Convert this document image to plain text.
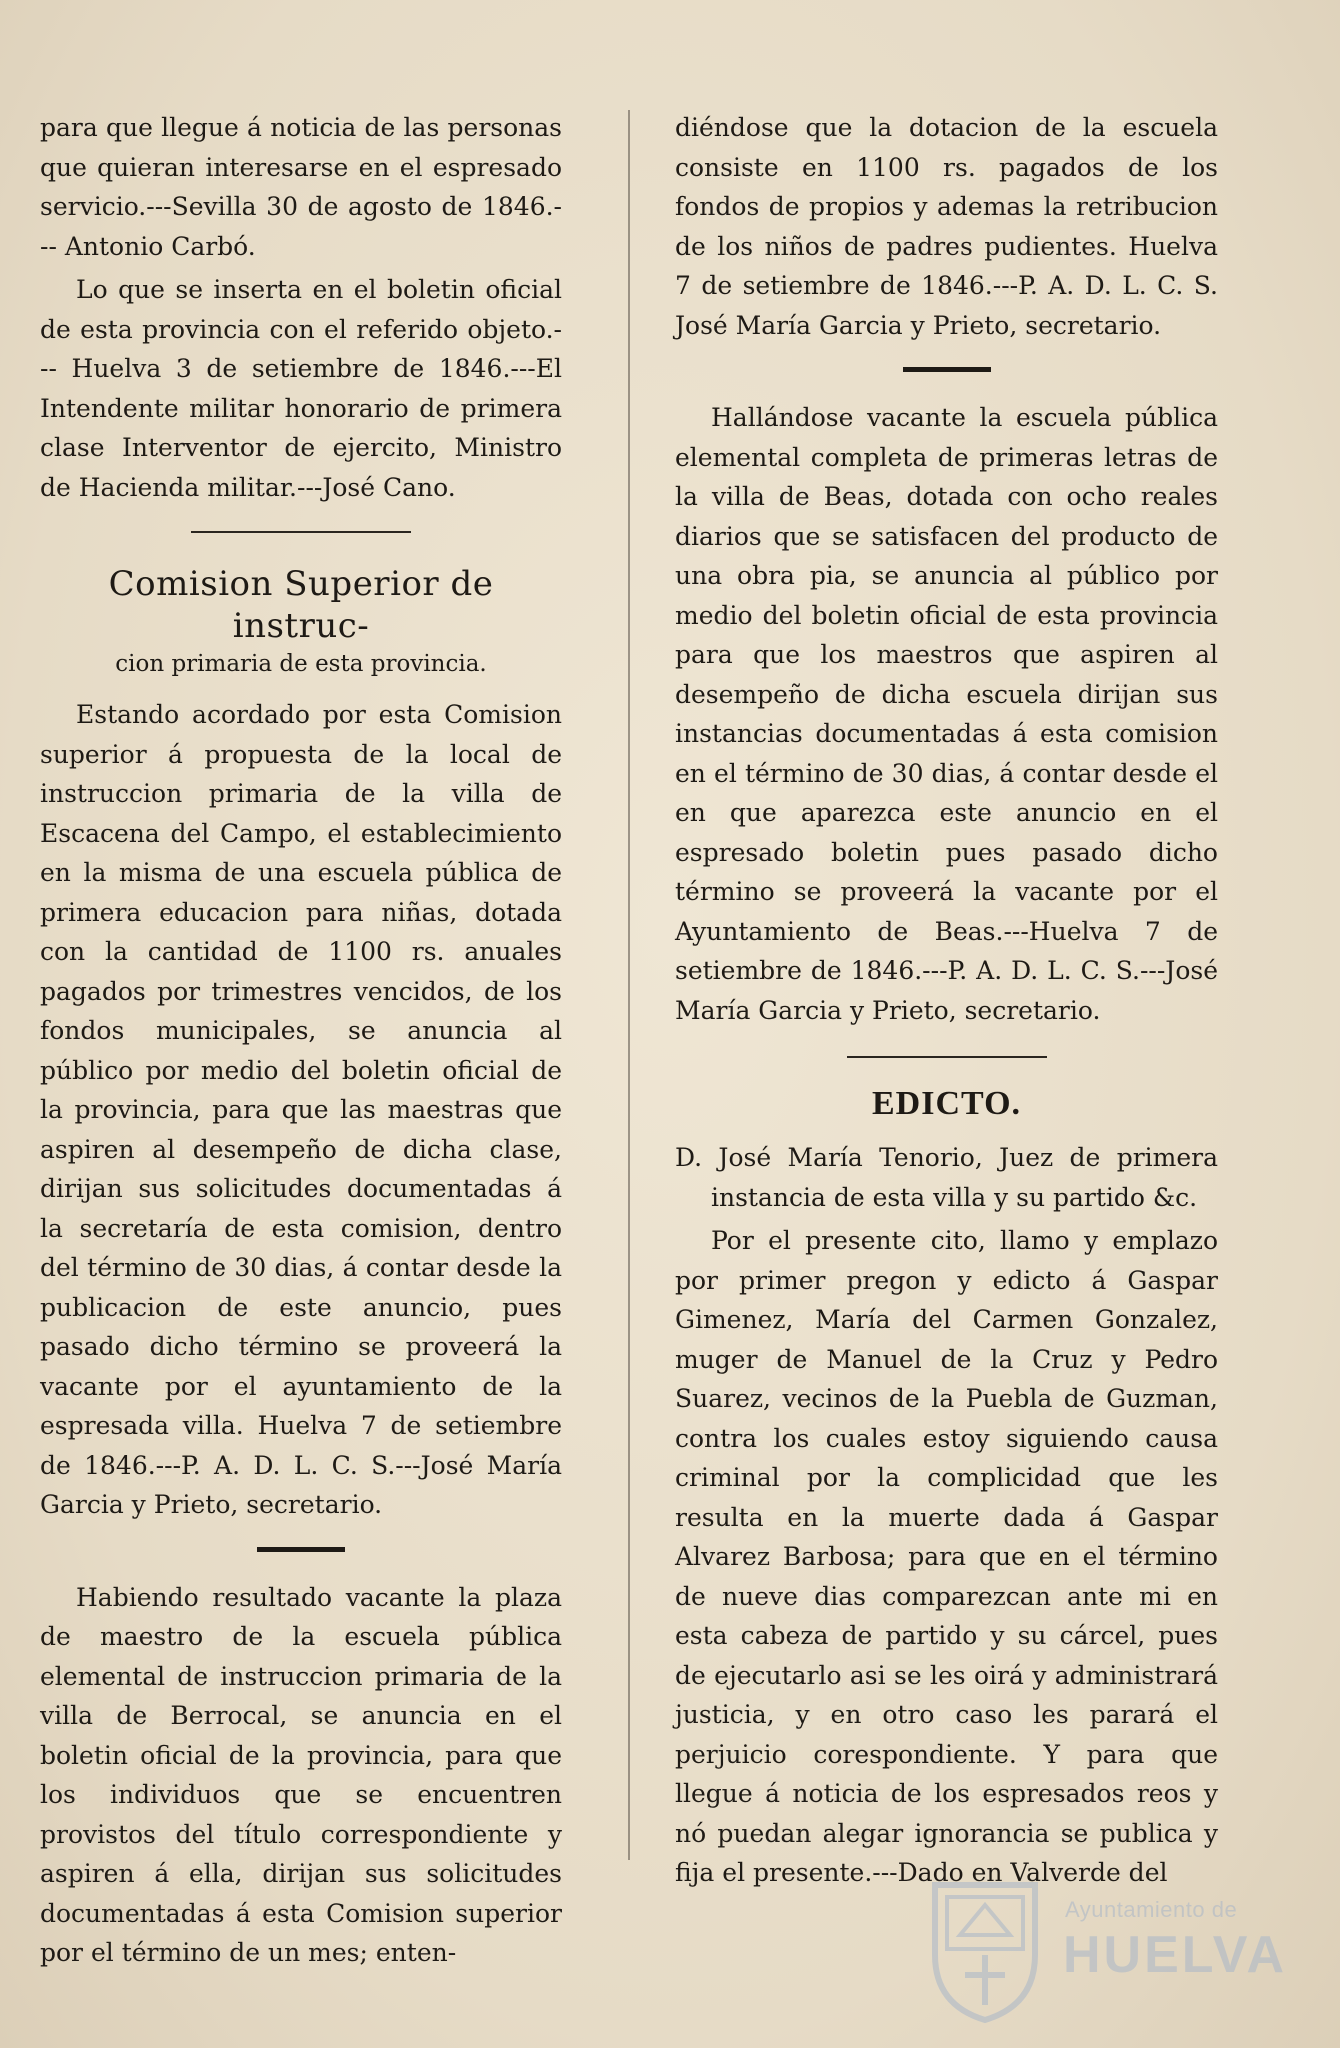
para que llegue á noticia de las personas que quieran interesarse en el espresado servicio.---Sevilla 30 de agosto de 1846.--- Antonio Carbó.

Lo que se inserta en el boletin oficial de esta provincia con el referido objeto.--- Huelva 3 de setiembre de 1846.---El Intendente militar honorario de primera clase Interventor de ejercito, Ministro de Hacienda militar.---José Cano.

Comision Superior de instruc-
cion primaria de esta provincia.

Estando acordado por esta Comision superior á propuesta de la local de instruccion primaria de la villa de Escacena del Campo, el establecimiento en la misma de una escuela pública de primera educacion para niñas, dotada con la cantidad de 1100 rs. anuales pagados por trimestres vencidos, de los fondos municipales, se anuncia al público por medio del boletin oficial de la provincia, para que las maestras que aspiren al desempeño de dicha clase, dirijan sus solicitudes documentadas á la secretaría de esta comision, dentro del término de 30 dias, á contar desde la publicacion de este anuncio, pues pasado dicho término se proveerá la vacante por el ayuntamiento de la espresada villa. Huelva 7 de setiembre de 1846.---P. A. D. L. C. S.---José María Garcia y Prieto, secretario.

Habiendo resultado vacante la plaza de maestro de la escuela pública elemental de instruccion primaria de la villa de Berrocal, se anuncia en el boletin oficial de la provincia, para que los individuos que se encuentren provistos del título correspondiente y aspiren á ella, dirijan sus solicitudes documentadas á esta Comision superior por el término de un mes; enten-

diéndose que la dotacion de la escuela consiste en 1100 rs. pagados de los fondos de propios y ademas la retribucion de los niños de padres pudientes. Huelva 7 de setiembre de 1846.---P. A. D. L. C. S. José María Garcia y Prieto, secretario.

Hallándose vacante la escuela pública elemental completa de primeras letras de la villa de Beas, dotada con ocho reales diarios que se satisfacen del producto de una obra pia, se anuncia al público por medio del boletin oficial de esta provincia para que los maestros que aspiren al desempeño de dicha escuela dirijan sus instancias documentadas á esta comision en el término de 30 dias, á contar desde el en que aparezca este anuncio en el espresado boletin pues pasado dicho término se proveerá la vacante por el Ayuntamiento de Beas.---Huelva 7 de setiembre de 1846.---P. A. D. L. C. S.---José María Garcia y Prieto, secretario.

EDICTO.

D. José María Tenorio, Juez de primera instancia de esta villa y su partido &c.

Por el presente cito, llamo y emplazo por primer pregon y edicto á Gaspar Gimenez, María del Carmen Gonzalez, muger de Manuel de la Cruz y Pedro Suarez, vecinos de la Puebla de Guzman, contra los cuales estoy siguiendo causa criminal por la complicidad que les resulta en la muerte dada á Gaspar Alvarez Barbosa; para que en el término de nueve dias comparezcan ante mi en esta cabeza de partido y su cárcel, pues de ejecutarlo asi se les oirá y administrará justicia, y en otro caso les parará el perjuicio corespondiente. Y para que llegue á noticia de los espresados reos y nó puedan alegar ignorancia se publica y fija el presente.---Dado en Valverde del

Ayuntamiento de
HUELVA
